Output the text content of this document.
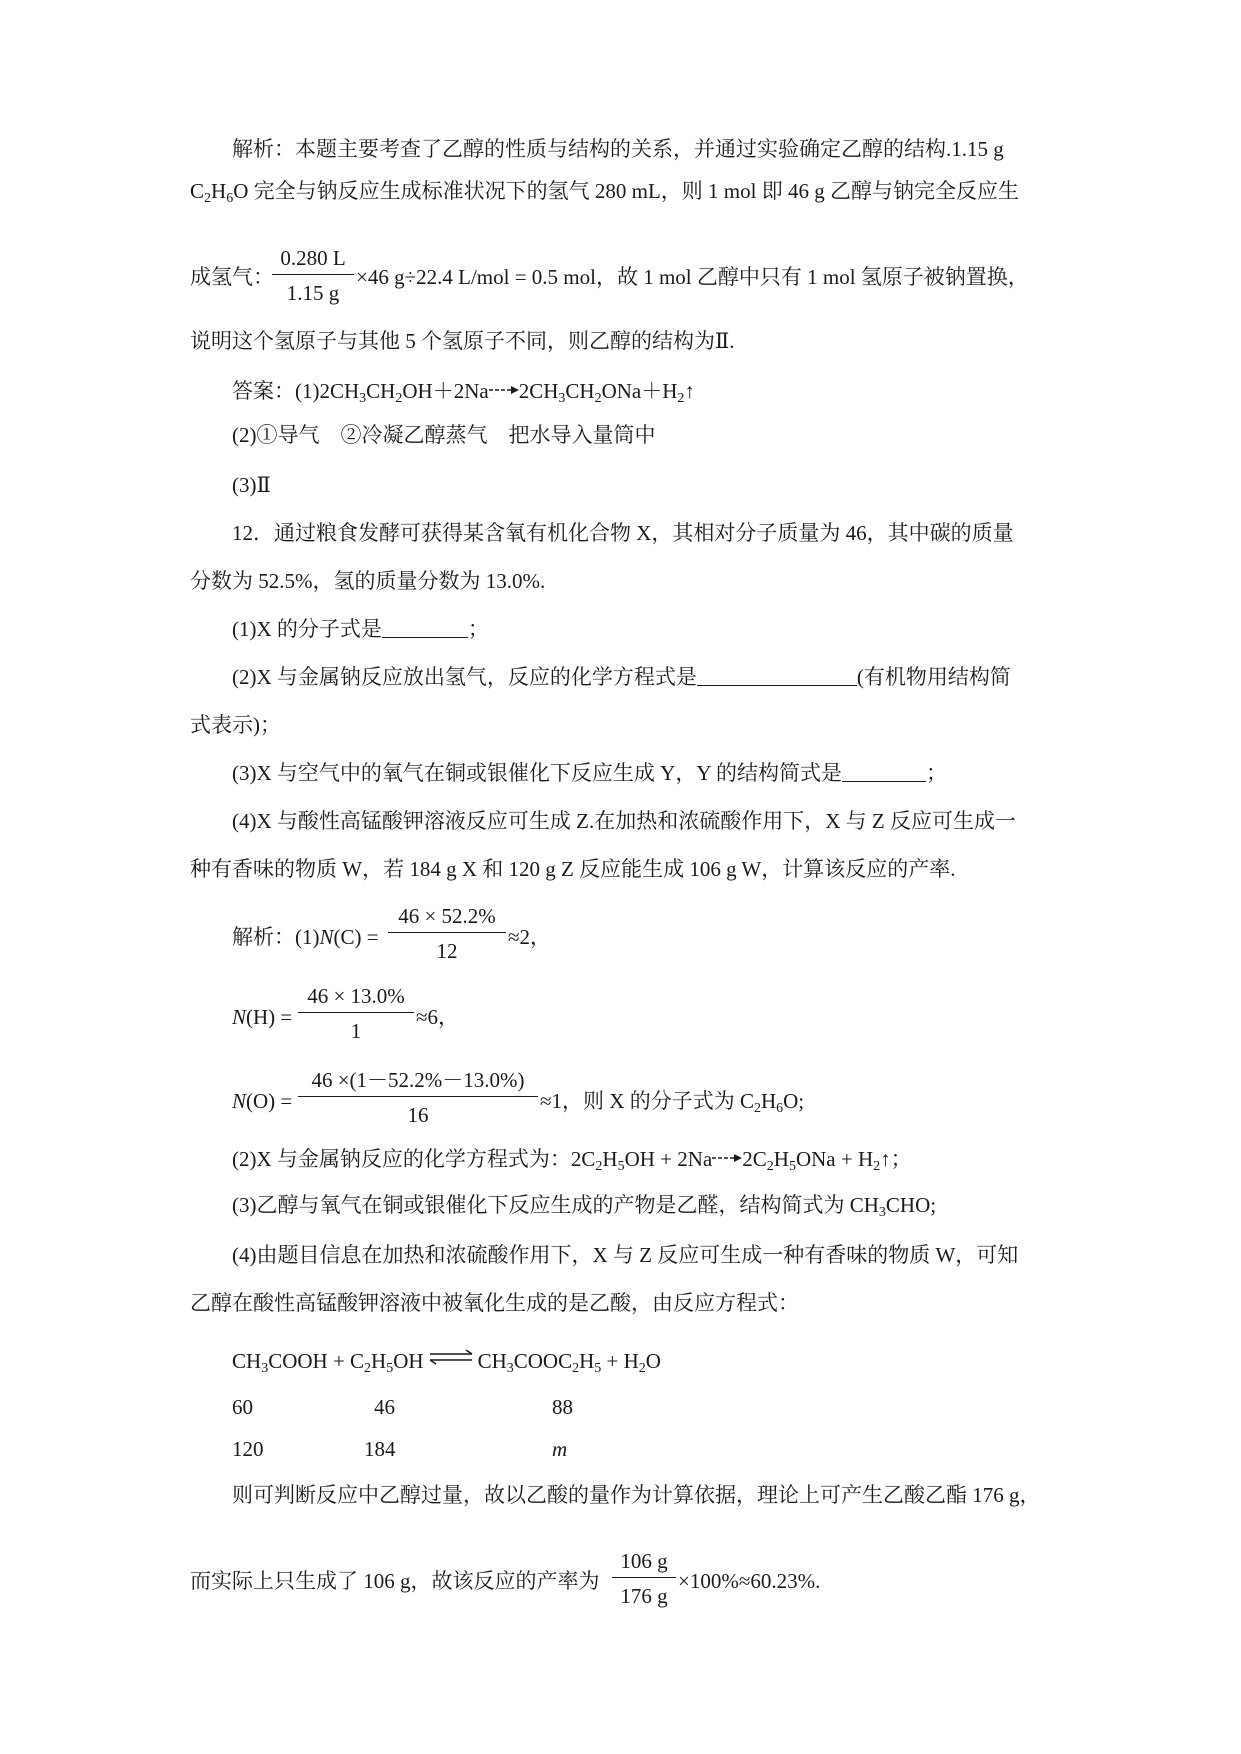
解析：本题主要考查了乙醇的性质与结构的关系，并通过实验确定乙醇的结构.1.15 g
$C_2H_6O$ 完全与钠反应生成标准状况下的氢气 280 mL，则 1 mol 即 46 g 乙醇与钠完全反应生
成氢气：
0.280 L
1.15 g
×46 g÷22.4 L/mol = 0.5 mol，故 1 mol 乙醇中只有 1 mol 氢原子被钠置换，
说明这个氢原子与其他 5 个氢原子不同，则乙醇的结构为Ⅱ.
答案：$(1)2CH_3CH_2OH+2Na\to 2CH_3CH_2ONa+H_2↑$
(2)①导气　②冷凝乙醇蒸气　把水导入量筒中
(3)Ⅱ
12．通过粮食发酵可获得某含氧有机化合物 X，其相对分子质量为 46，其中碳的质量
分数为 52.5%，氢的质量分数为 13.0%.
(1)X 的分子式是	；
(2)X 与金属钠反应放出氢气，反应的化学方程式是	(有机物用结构简
式表示)；
(3)X 与空气中的氧气在铜或银催化下反应生成 Y，Y 的结构简式是	；
(4)X 与酸性高锰酸钾溶液反应可生成 Z.在加热和浓硫酸作用下，X 与 Z 反应可生成一
种有香味的物质 W，若 184 g X 和 120 g Z 反应能生成 106 g W，计算该反应的产率.
解析：(1)N(C) =
46 × 52.2%
12
≈2，
N(H) =
46 × 13.0%
1
≈6，
N(O) =
46 ×(1－52.2%－13.0%)
16
≈1，则 X 的分子式为 $C_2H_6O$;
(2)X 与金属钠反应的化学方程式为：$2C_2H_5OH + 2Na\to 2C_2H_5ONa$ + $H_2↑$；
(3)乙醇与氧气在铜或银催化下反应生成的产物是乙醛，结构简式为 $CH_3CHO$;
(4)由题目信息在加热和浓硫酸作用下，X 与 Z 反应可生成一种有香味的物质 W，可知
乙醇在酸性高锰酸钾溶液中被氧化生成的是乙酸，由反应方程式：
$CH_3COOH + C_2H_5OH$ ⇌ $CH_3COOC_2H_5 + H_2O$
60	46	88
120	184	m
则可判断反应中乙醇过量，故以乙酸的量作为计算依据，理论上可产生乙酸乙酯 176 g，
而实际上只生成了 106 g，故该反应的产率为
106 g
176 g
×100%≈60.23%.
